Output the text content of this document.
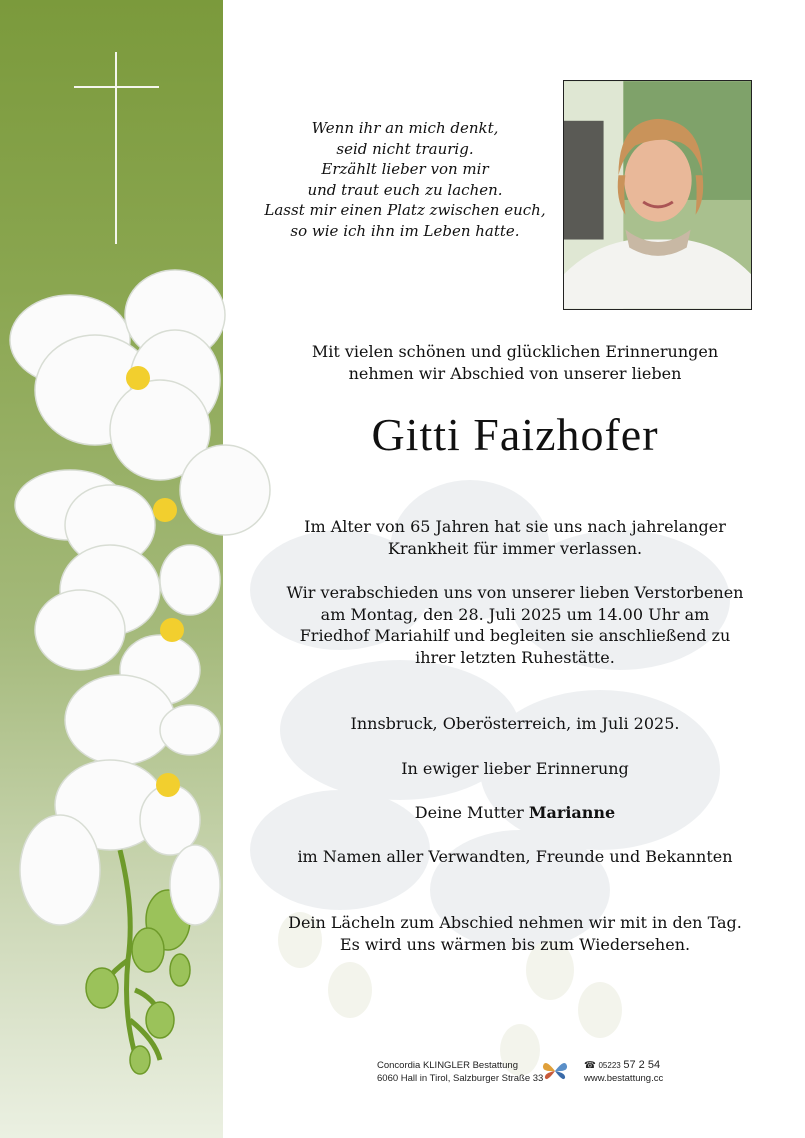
Wenn ihr an mich denkt,
seid nicht traurig.
Erzählt lieber von mir
und traut euch zu lachen.
Lasst mir einen Platz zwischen euch,
so wie ich ihn im Leben hatte.
Mit vielen schönen und glücklichen Erinnerungen
nehmen wir Abschied von unserer lieben
Gitti Faizhofer
Im Alter von 65 Jahren hat sie uns nach jahrelanger
Krankheit für immer verlassen.
Wir verabschieden uns von unserer lieben Verstorbenen
am Montag, den 28. Juli 2025 um 14.00 Uhr am
Friedhof Mariahilf und begleiten sie anschließend zu
ihrer letzten Ruhestätte.
Innsbruck, Oberösterreich, im Juli 2025.
In ewiger lieber Erinnerung
Deine Mutter Marianne
im Namen aller Verwandten, Freunde und Bekannten
Dein Lächeln zum Abschied nehmen wir mit in den Tag.
Es wird uns wärmen bis zum Wiedersehen.
Concordia KLINGLER Bestattung
6060 Hall in Tirol, Salzburger Straße 33
☎ 05223 57 2 54
www.bestattung.cc
